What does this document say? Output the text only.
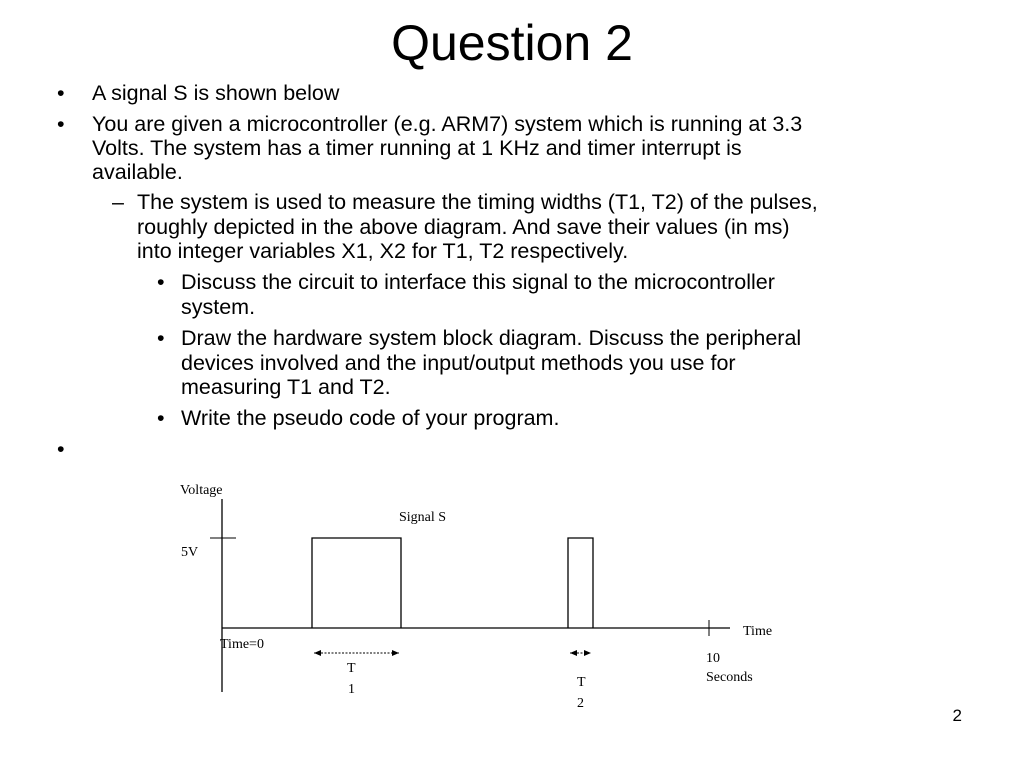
Question 2
• A signal S is shown below
• You are given a microcontroller (e.g. ARM7) system which is running at 3.3
Volts. The system has a timer running at 1 KHz and timer interrupt is
available.
– The system is used to measure the timing widths (T1, T2) of the pulses,
roughly depicted in the above diagram. And save their values (in ms)
into integer variables X1, X2 for T1, T2 respectively.
• Discuss the circuit to interface this signal to the microcontroller
system.
• Draw the hardware system block diagram. Discuss the peripheral
devices involved and the input/output methods you use for
measuring T1 and T2.
• Write the pseudo code of your program.
•
Voltage
Signal S
5V
Time
Time=0
10
Seconds
T
1	T
2
2
